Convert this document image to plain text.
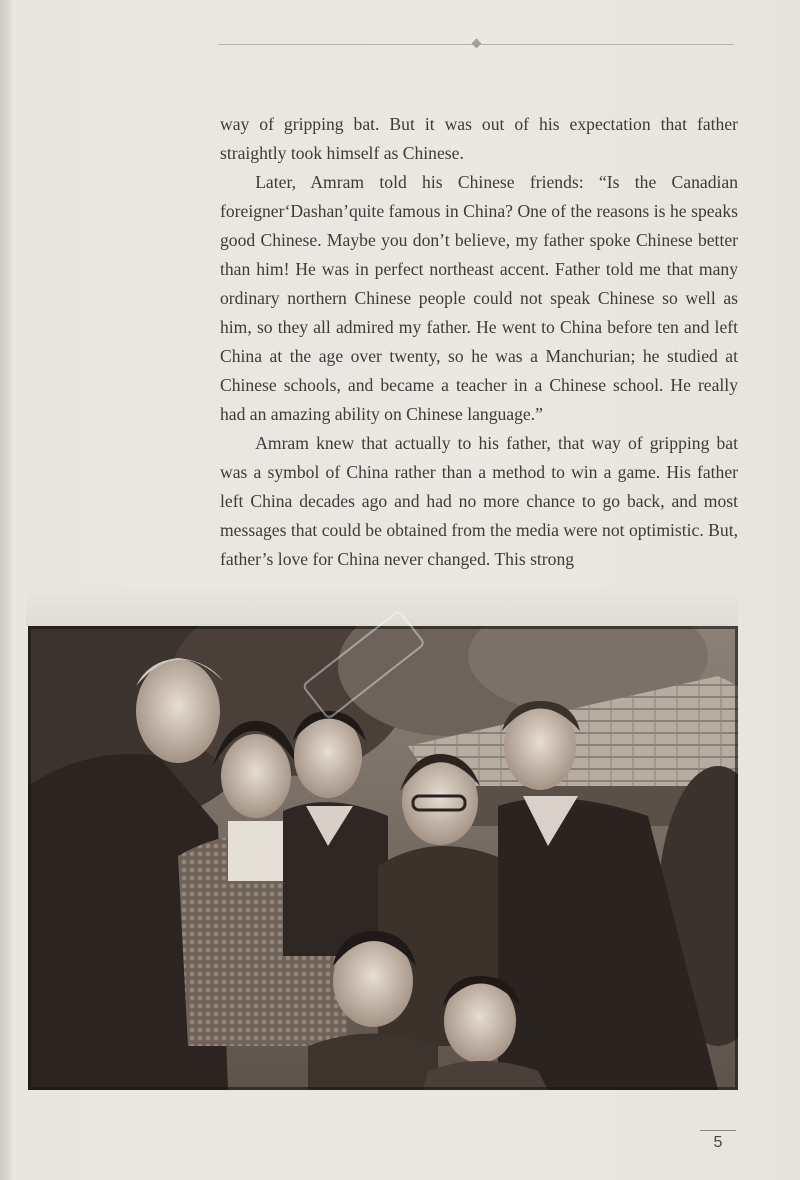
way of gripping bat. But it was out of his expectation that father straightly took himself as Chinese.

Later, Amram told his Chinese friends: “Is the Canadian foreigner‘Dashan’quite famous in China? One of the reasons is he speaks good Chinese. Maybe you don’t believe, my father spoke Chinese better than him! He was in perfect northeast accent. Father told me that many ordinary northern Chinese people could not speak Chinese so well as him, so they all admired my father. He went to China before ten and left China at the age over twenty, so he was a Manchurian; he studied at Chinese schools, and became a teacher in a Chinese school. He really had an amazing ability on Chinese language.”

Amram knew that actually to his father, that way of gripping bat was a symbol of China rather than a method to win a game. His father left China decades ago and had no more chance to go back, and most messages that could be obtained from the media were not optimistic. But, father’s love for China never changed. This strong

5
